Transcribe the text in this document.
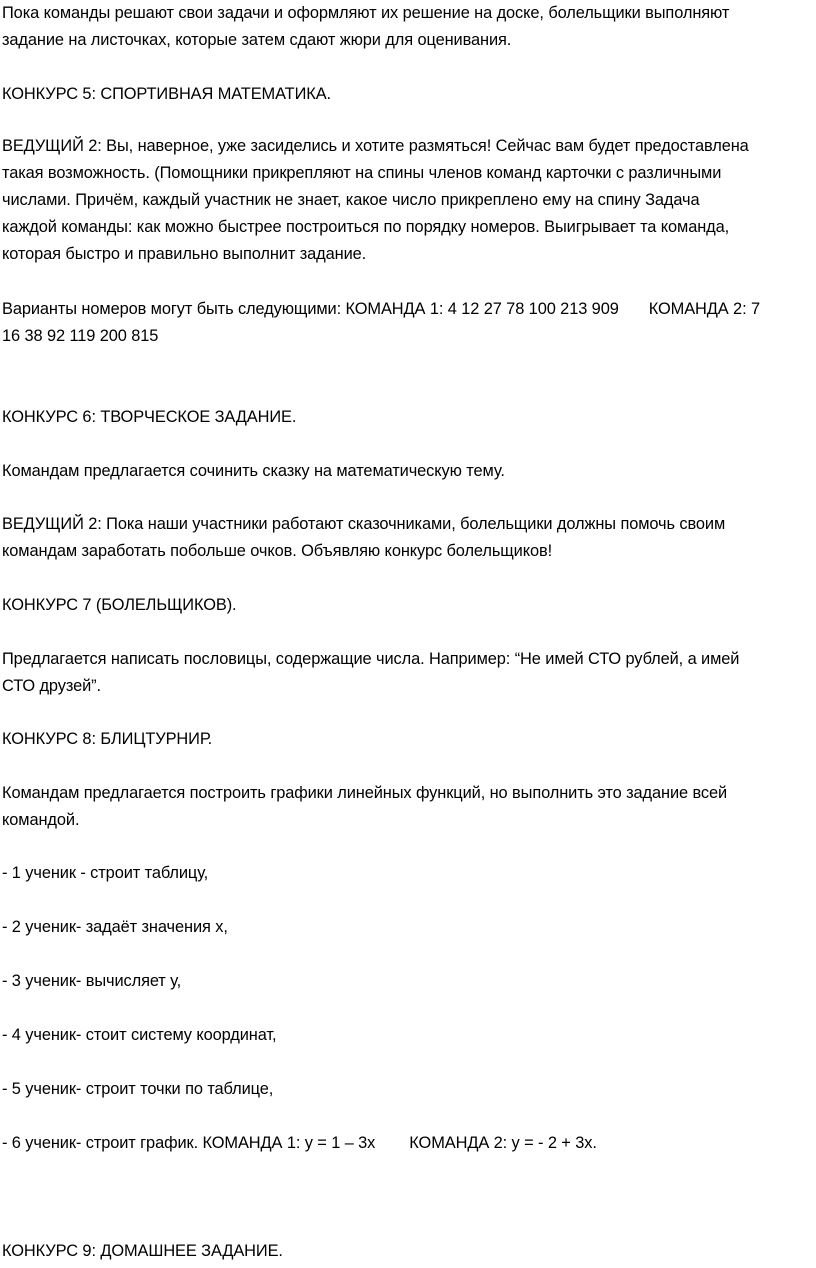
Пока команды решают свои задачи и оформляют их решение на доске, болельщики выполняют
задание на листочках, которые затем сдают жюри для оценивания.
КОНКУРС 5: СПОРТИВНАЯ МАТЕМАТИКА.
ВЕДУЩИЙ 2: Вы, наверное, уже засиделись и хотите размяться! Сейчас вам будет предоставлена
такая возможность. (Помощники прикрепляют на спины членов команд карточки с различными
числами. Причём, каждый участник не знает, какое число прикреплено ему на спину Задача
каждой команды: как можно быстрее построиться по порядку номеров. Выигрывает та команда,
которая быстро и правильно выполнит задание.
Варианты номеров могут быть следующими: КОМАНДА 1: 4 12 27 78 100 213 909 КОМАНДА 2: 7
16 38 92 119 200 815
КОНКУРС 6: ТВОРЧЕСКОЕ ЗАДАНИЕ.
Командам предлагается сочинить сказку на математическую тему.
ВЕДУЩИЙ 2: Пока наши участники работают сказочниками, болельщики должны помочь своим
командам заработать побольше очков. Объявляю конкурс болельщиков!
КОНКУРС 7 (БОЛЕЛЬЩИКОВ).
Предлагается написать пословицы, содержащие числа. Например: “Не имей СТО рублей, а имей
СТО друзей”.
КОНКУРС 8: БЛИЦТУРНИР.
Командам предлагается построить графики линейных функций, но выполнить это задание всей
командой.
- 1 ученик - строит таблицу,
- 2 ученик- задаёт значения х,
- 3 ученик- вычисляет у,
- 4 ученик- стоит систему координат,
- 5 ученик- строит точки по таблице,
- 6 ученик- строит график. КОМАНДА 1: у = 1 – 3х КОМАНДА 2: у = - 2 + 3х.
КОНКУРС 9: ДОМАШНЕЕ ЗАДАНИЕ.
